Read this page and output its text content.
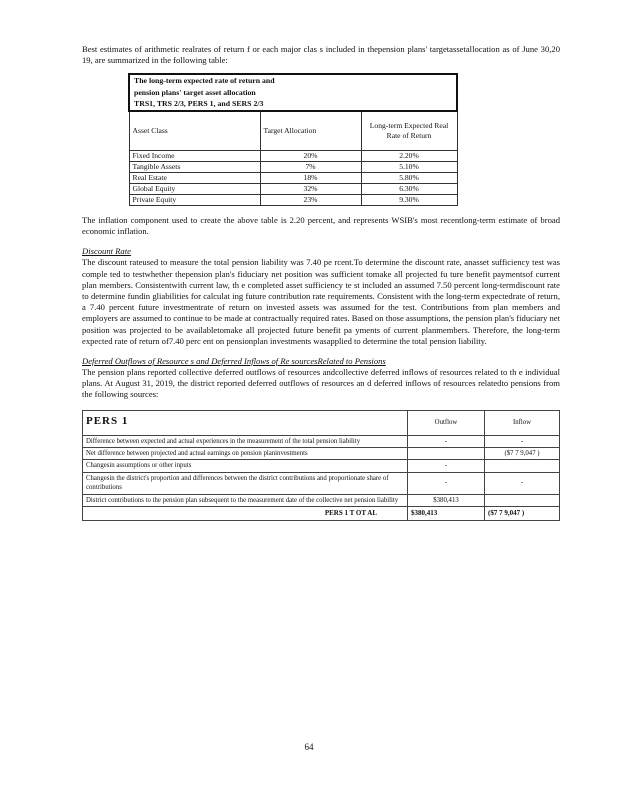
Best estimates of arithmetic realrates of return f or each major clas s included in thepension plans' targetassetallocation as of June 30,20 19, are summarized in the following table:

The long-term expected rate of return and		
pension plans' target asset allocation		
TRS1, TRS 2/3, PERS 1, and SERS 2/3		
Asset Class	Target Allocation	Long-term Expected Real Rate of Return
Fixed Income	20%	2.20%
Tangible Assets	7%	5.10%
Real Estate	18%	5.80%
Global Equity	32%	6.30%
Private Equity	23%	9.30%

The inflation component used to create the above table is 2.20 percent, and represents WSIB's most recentlong-term estimate of broad economic inflation.

Discount Rate

The discount rateused to measure the total pension liability was 7.40 pe rcent.To determine the discount rate, anasset sufficiency test was comple ted to testwhether thepension plan's fiduciary net position was sufficient tomake all projected fu ture benefit paymentsof current plan members. Consistentwith current law, th e completed asset sufficiency te st included an assumed 7.50 percent long-termdiscount rate to determine fundin gliabilities for calculat ing future contribution rate requirements. Consistent with the long-term expectedrate of return, a 7.40 percent future investmentrate of return on invested assets was assumed for the test. Contributions from plan members and employers are assumed to continue to be made at contractually required rates. Based on those assumptions, the pension plan's fiduciary net position was projected to be availabletomake all projected future benefit pa yments of current planmembers. Therefore, the long-term expected rate of return of7.40 perc ent on pensionplan investments wasapplied to determine the total pension liability.

Deferred Outflows of Resource s and Deferred Inflows of Re sourcesRelated to Pensions

The pension plans reported collective deferred outflows of resources andcollective deferred inflows of resources related to th e individual plans. At August 31, 2019, the district reported deferred outflows of resources an d deferred inflows of resources relatedto pensions from the following sources:

PERS 1	Outflow	Inflow
Difference between expected and actual experiences in the measurement of the total pension liability	-	-
Net difference between projected and actual earnings on pension planinvestments		($7 7 9,047 )
Changesin assumptions or other inputs	-	
Changesin the district's proportion and differences between the district contributions and proportionate share of contributions	-	-
District contributions to the pension plan subsequent to the measurement date of the collective net pension liability	$380,413	
PERS 1 T OT AL	$380,413	($7 7 9,047 )
64
